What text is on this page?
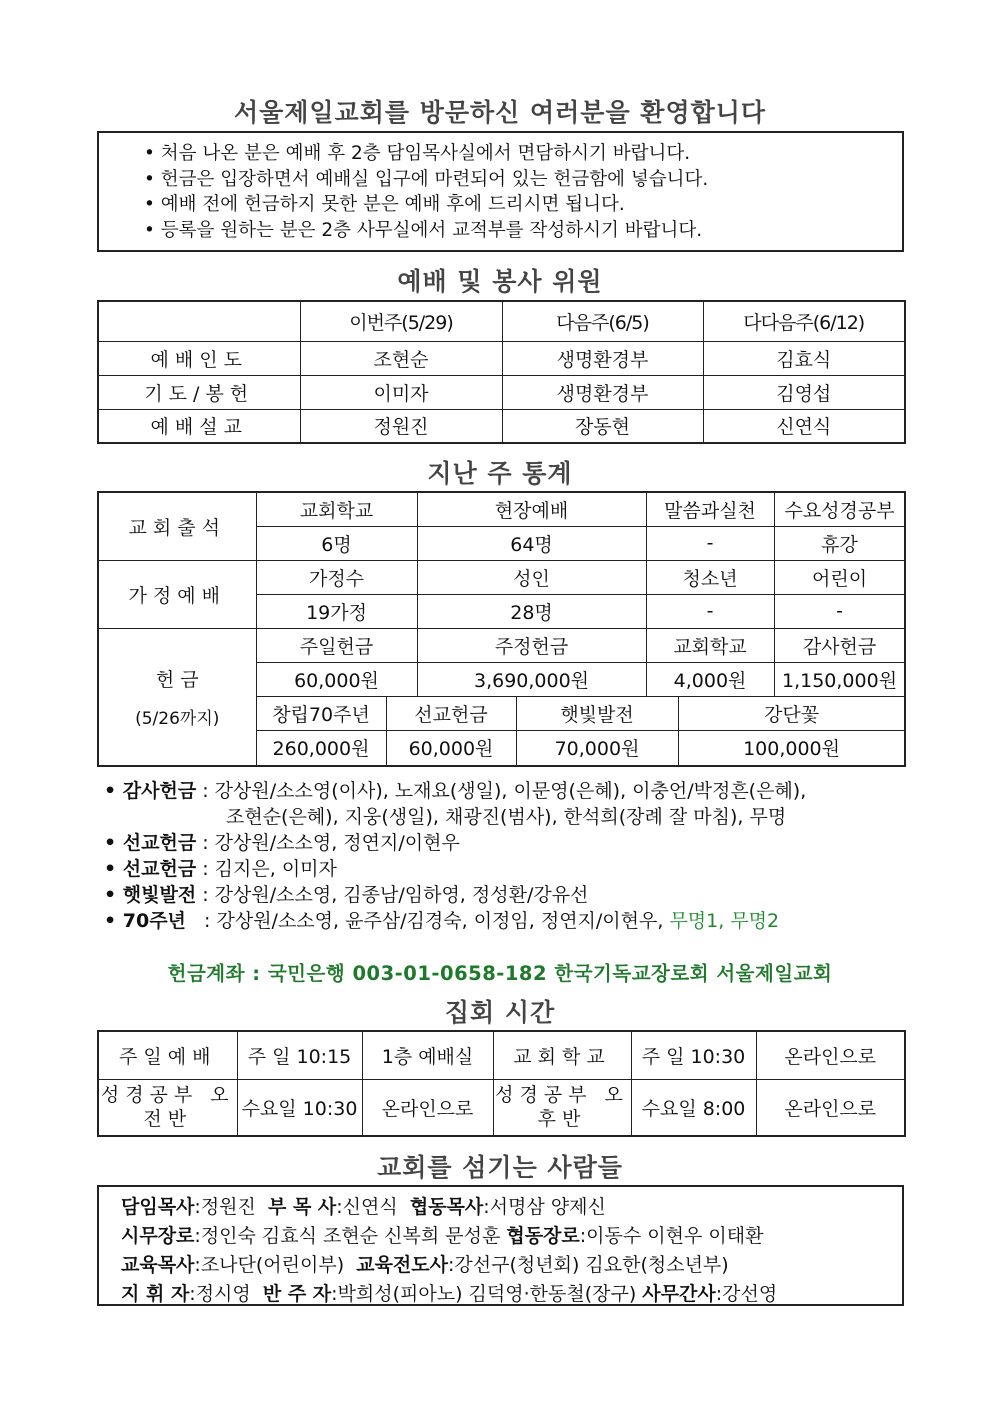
서울제일교회를 방문하신 여러분을 환영합니다
• 처음 나온 분은 예배 후 2층 담임목사실에서 면담하시기 바랍니다.
• 헌금은 입장하면서 예배실 입구에 마련되어 있는 헌금함에 넣습니다.
• 예배 전에 헌금하지 못한 분은 예배 후에 드리시면 됩니다.
• 등록을 원하는 분은 2층 사무실에서 교적부를 작성하시기 바랍니다.
예배 및 봉사 위원
	이번주(5/29)	다음주(6/5)	다다음주(6/12)
예배인도	조현순	생명환경부	김효식
기도/봉헌	이미자	생명환경부	김영섭
예배설교	정원진	장동현	신연식
지난 주 통계
교회출석	교회학교		현장예배		말씀과실천		수요성경공부	
	6명		64명		-		휴강	
가정예배	가정수		성인		청소년		어린이	
	19가정		28명		-		-	

헌 금
(5/26까지)	주일헌금		주정헌금		교회학교		감사헌금	
	60,000원		3,690,000원		4,000원		1,150,000원	
	창립70주년	선교헌금		햇빛발전		강단꽃	
	260,000원	60,000원		70,000원		100,000원	
• 감사헌금 : 강상원/소소영(이사), 노재요(생일), 이문영(은혜), 이충언/박정흔(은혜),
조현순(은혜), 지웅(생일), 채광진(범사), 한석희(장례 잘 마침), 무명
• 선교헌금 : 강상원/소소영, 정연지/이현우
• 선교헌금 : 김지은, 이미자
• 햇빛발전 : 강상원/소소영, 김종남/임하영, 정성환/강유선
• 70주년   : 강상원/소소영, 윤주삼/김경숙, 이정임, 정연지/이현우, 무명1, 무명2
헌금계좌 : 국민은행 003-01-0658-182 한국기독교장로회 서울제일교회
집회 시간
주일예배	주 일 10:15	1층 예배실	교회학교	주 일 10:30	온라인으로
성경공부 오전반	수요일 10:30	온라인으로	성경공부 오후반	수요일 8:00	온라인으로
교회를 섬기는 사람들
담임목사:정원진  부 목 사:신연식  협동목사:서명삼 양제신
시무장로:정인숙 김효식 조현순 신복희 문성훈 협동장로:이동수 이현우 이태환
교육목사:조나단(어린이부)  교육전도사:강선구(청년회) 김요한(청소년부)
지 휘 자:정시영  반 주 자:박희성(피아노) 김덕영·한동철(장구) 사무간사:강선영
